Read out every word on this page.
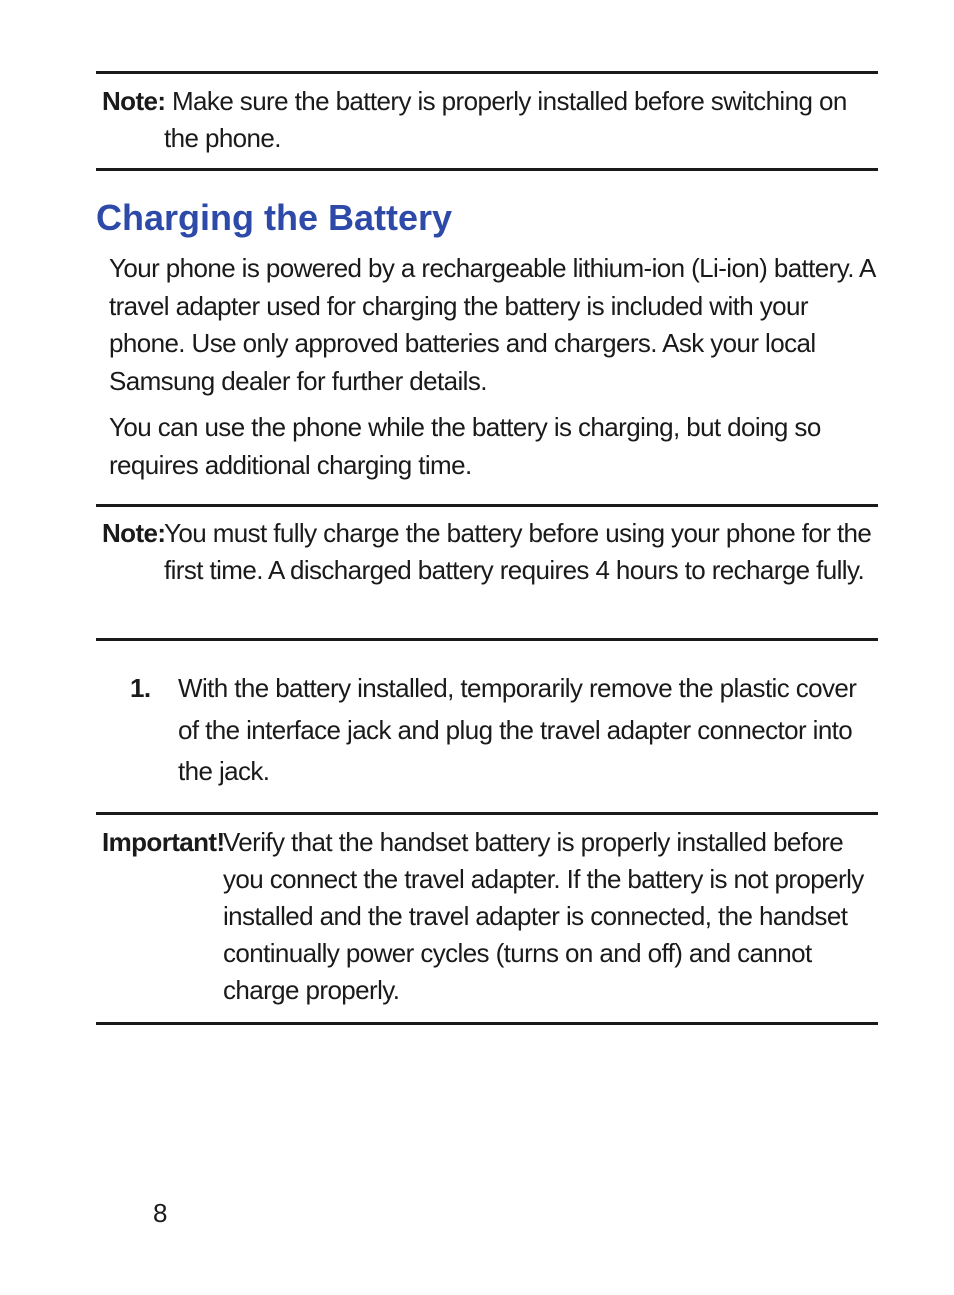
Note: Make sure the battery is properly installed before switching on the phone.
Charging the Battery

Your phone is powered by a rechargeable lithium-ion (Li-ion) battery. A travel adapter used for charging the battery is included with your phone. Use only approved batteries and chargers. Ask your local Samsung dealer for further details.

You can use the phone while the battery is charging, but doing so requires additional charging time.

Note:You must fully charge the battery before using your phone for the first time. A discharged battery requires 4 hours to recharge fully.
1. With the battery installed, temporarily remove the plastic cover of the interface jack and plug the travel adapter connector into the jack.
Important!Verify that the handset battery is properly installed before you connect the travel adapter. If the battery is not properly installed and the travel adapter is connected, the handset continually power cycles (turns on and off) and cannot charge properly.
8
